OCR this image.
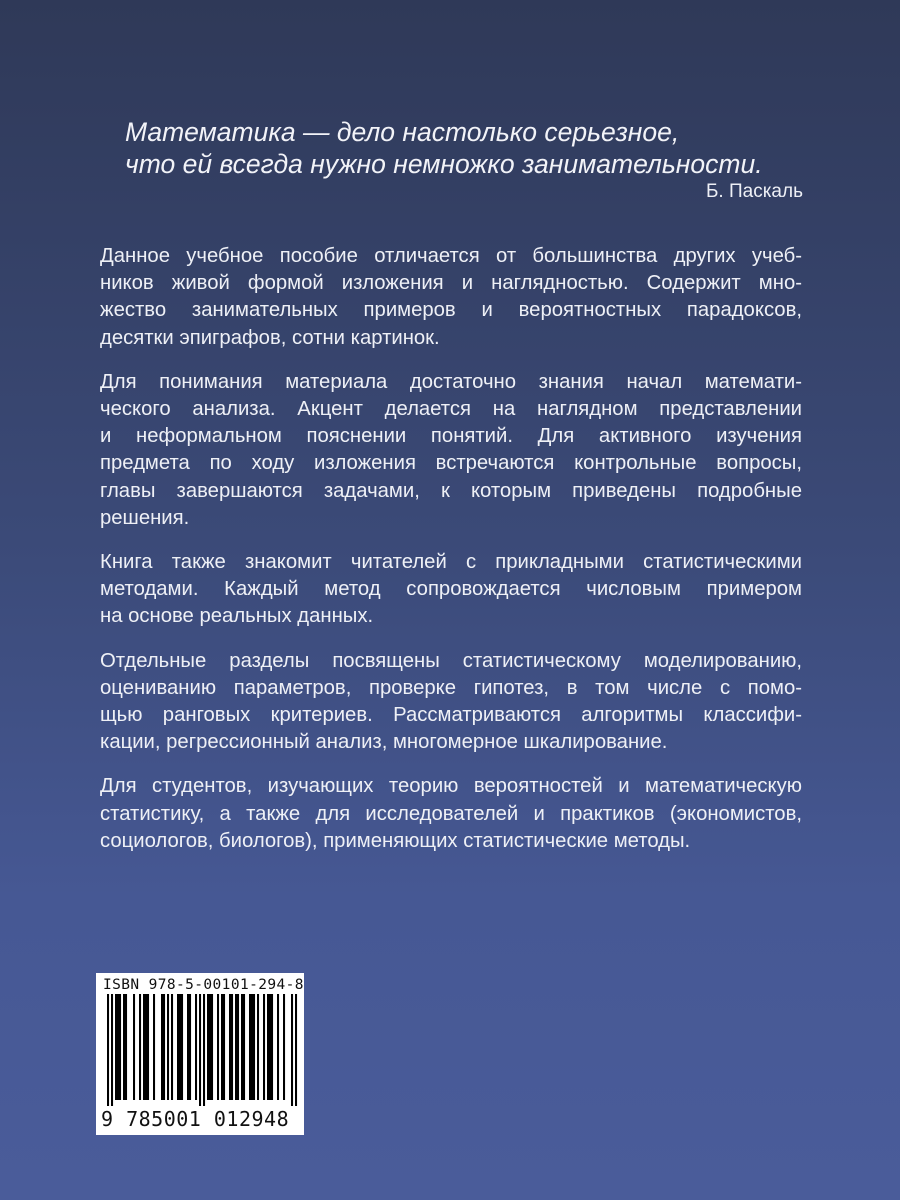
Математика — дело настолько серьезное,
что ей всегда нужно немножко занимательности.
Б. Паскаль
Данное учебное пособие отличается от большинства других учеб-
ников живой формой изложения и наглядностью. Содержит мно-
жество занимательных примеров и вероятностных парадоксов,
десятки эпиграфов, сотни картинок.
Для понимания материала достаточно знания начал математи-
ческого анализа. Акцент делается на наглядном представлении
и неформальном пояснении понятий. Для активного изучения
предмета по ходу изложения встречаются контрольные вопросы,
главы завершаются задачами, к которым приведены подробные
решения.
Книга также знакомит читателей с прикладными статистическими
методами. Каждый метод сопровождается числовым примером
на основе реальных данных.
Отдельные разделы посвящены статистическому моделированию,
оцениванию параметров, проверке гипотез, в том числе с помо-
щью ранговых критериев. Рассматриваются алгоритмы классифи-
кации, регрессионный анализ, многомерное шкалирование.
Для студентов, изучающих теорию вероятностей и математическую
статистику, а также для исследователей и практиков (экономистов,
социологов, биологов), применяющих статистические методы.
ISBN 978-5-00101-294-8
9 785001 012948
